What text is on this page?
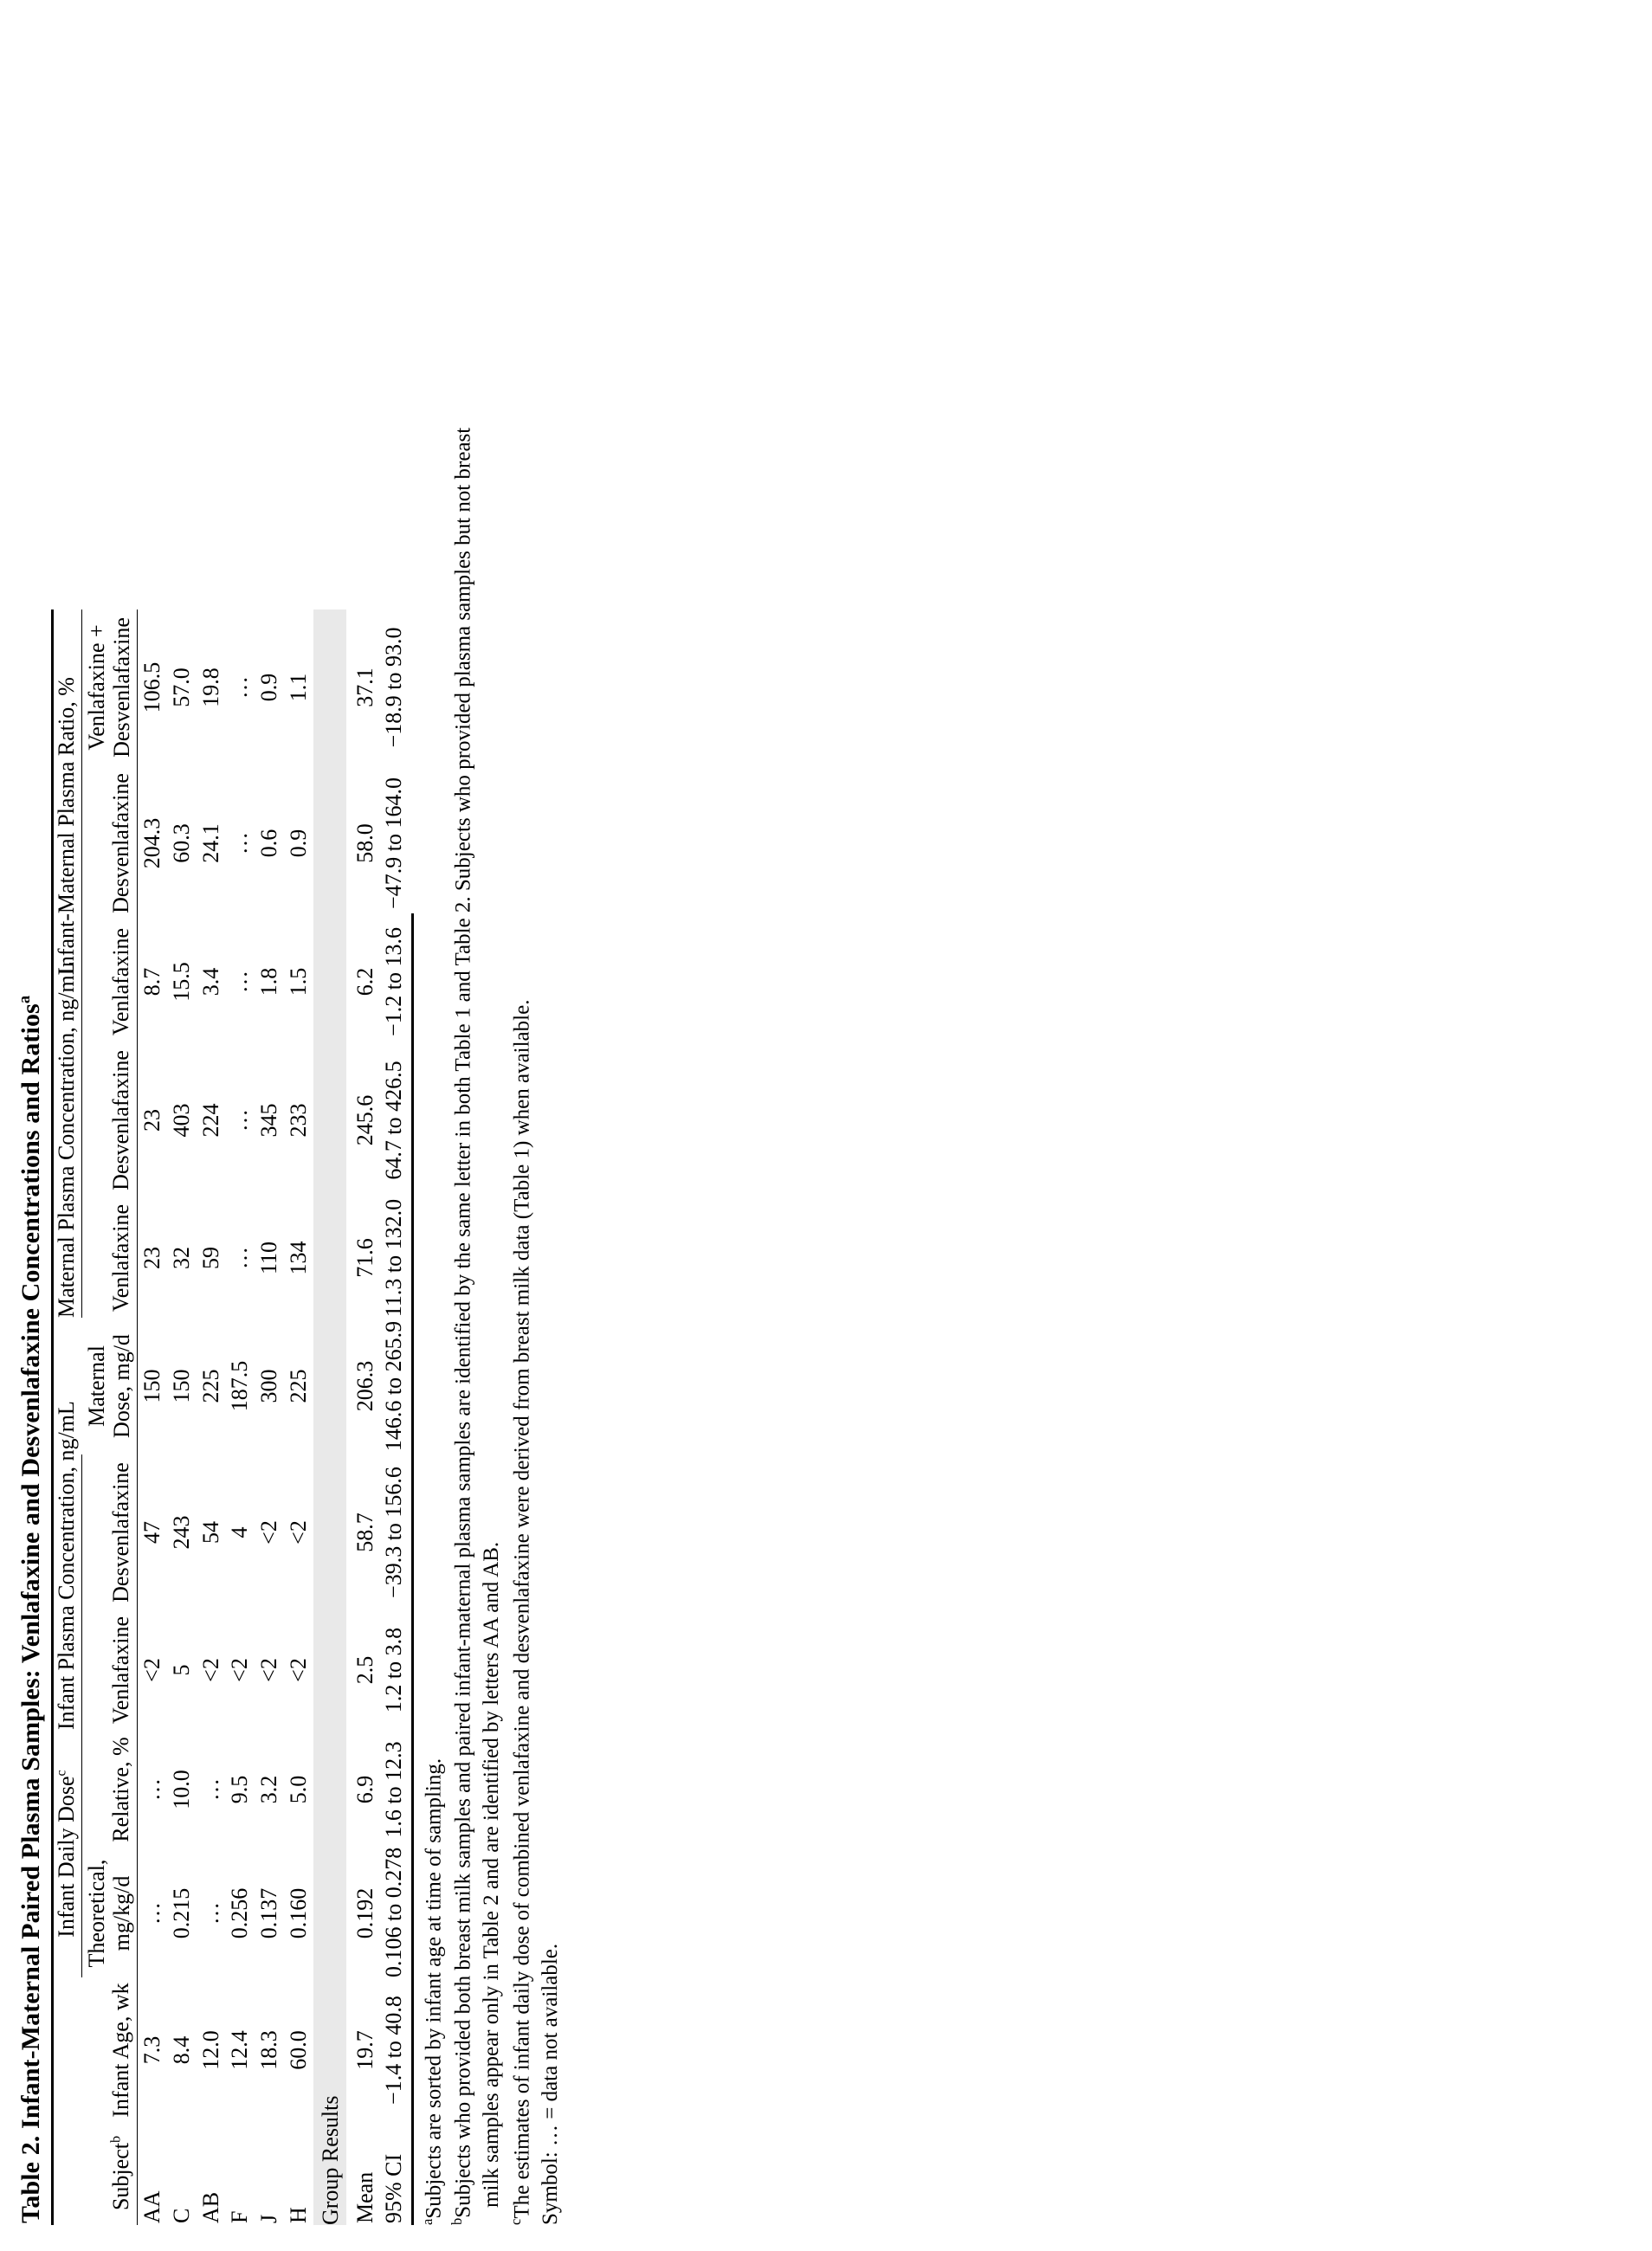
Table 2. Infant-Maternal Paired Plasma Samples: Venlafaxine and Desvenlafaxine Concentrations and Ratios$^a$
		Infant Daily Dose$^c$		Infant Plasma Concentration, ng/mL			Maternal Plasma Concentration, ng/mL		Infant-Maternal Plasma Ratio, %		
Subject$^b$	Infant Age, wk	Theoretical, mg/kg/d	Relative, %	Venlafaxine	Desvenlafaxine	Maternal Dose, mg/d	Venlafaxine	Desvenlafaxine	Venlafaxine	Desvenlafaxine	Venlafaxine + Desvenlafaxine

AA	7.3	…	…	<2	47	150	23	23	8.7	204.3	106.5
C	8.4	0.215	10.0	5	243	150	32	403	15.5	60.3	57.0
AB	12.0	…	…	<2	54	225	59	224	3.4	24.1	19.8
F	12.4	0.256	9.5	<2	4	187.5	…	…	…	…	…
J	18.3	0.137	3.2	<2	<2	300	110	345	1.8	0.6	0.9
H	60.0	0.160	5.0	<2	<2	225	134	233	1.5	0.9	1.1
Group Results											
Mean	19.7	0.192	6.9	2.5	58.7	206.3	71.6	245.6	6.2	58.0	37.1
95% CI	−1.4 to 40.8	0.106 to 0.278	1.6 to 12.3	1.2 to 3.8	−39.3 to 156.6	146.6 to 265.9	11.3 to 132.0	64.7 to 426.5	−1.2 to 13.6	−47.9 to 164.0	−18.9 to 93.0
$^a$Subjects are sorted by infant age at time of sampling.
$^b$Subjects who provided both breast milk samples and paired infant-maternal plasma samples are identified by the same letter in both Table 1 and Table 2. Subjects who provided plasma samples but not breast milk samples appear only in Table 2 and are identified by letters AA and AB.
$^c$The estimates of infant daily dose of combined venlafaxine and desvenlafaxine were derived from breast milk data (Table 1) when available. Symbol: … = data not available.
